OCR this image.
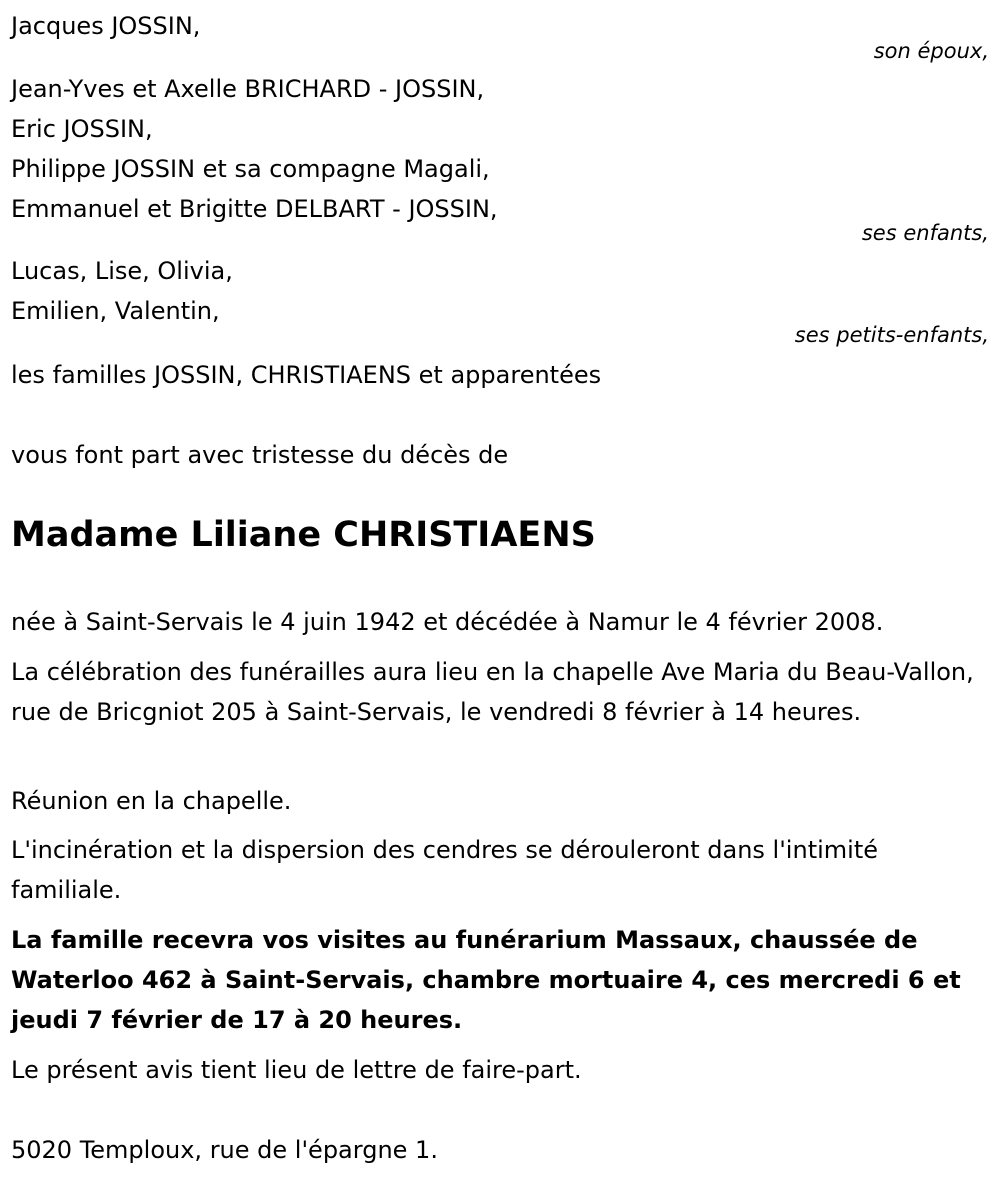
Jacques JOSSIN,
son époux,
Jean-Yves et Axelle BRICHARD - JOSSIN,
Eric JOSSIN,
Philippe JOSSIN et sa compagne Magali,
Emmanuel et Brigitte DELBART - JOSSIN,
ses enfants,
Lucas, Lise, Olivia,
Emilien, Valentin,
ses petits-enfants,
les familles JOSSIN, CHRISTIAENS et apparentées
vous font part avec tristesse du décès de
Madame Liliane CHRISTIAENS
née à Saint-Servais le 4 juin 1942 et décédée à Namur le 4 février 2008.
La célébration des funérailles aura lieu en la chapelle Ave Maria du Beau-Vallon, rue de Bricgniot 205 à Saint-Servais, le vendredi 8 février à 14 heures.
Réunion en la chapelle.
L'incinération et la dispersion des cendres se dérouleront dans l'intimité familiale.
La famille recevra vos visites au funérarium Massaux, chaussée de Waterloo 462 à Saint-Servais, chambre mortuaire 4, ces mercredi 6 et jeudi 7 février de 17 à 20 heures.
Le présent avis tient lieu de lettre de faire-part.
5020 Temploux, rue de l'épargne 1.
